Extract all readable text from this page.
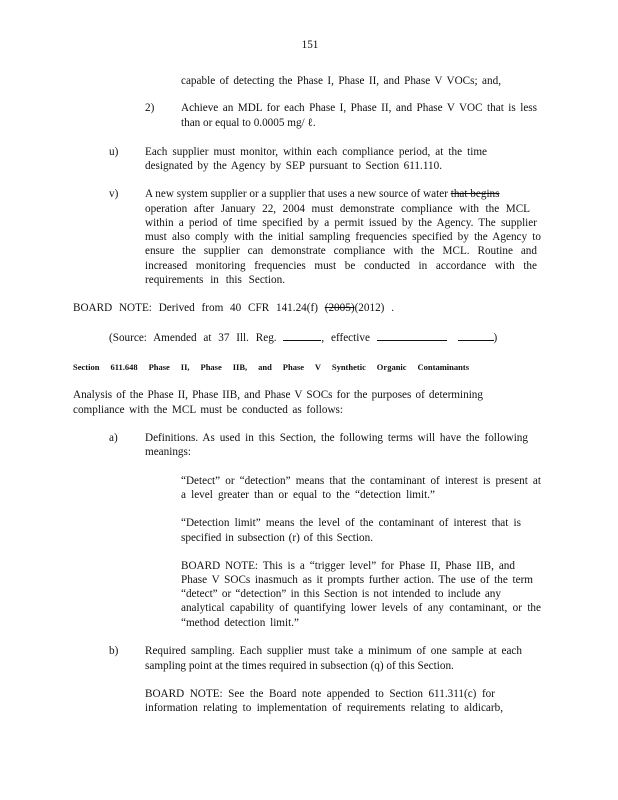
151
capable of detecting the Phase I, Phase II, and Phase V VOCs; and,
2) Achieve an MDL for each Phase I, Phase II, and Phase V VOC that is less
than or equal to 0.0005 mg/ ℓ.
u) Each supplier must monitor, within each compliance period, at the time
designated by the Agency by SEP pursuant to Section 611.110.
v) A new system supplier or a supplier that uses a new source of water that begins
operation after January 22, 2004 must demonstrate compliance with the MCL
within a period of time specified by a permit issued by the Agency. The supplier
must also comply with the initial sampling frequencies specified by the Agency to
ensure the supplier can demonstrate compliance with the MCL. Routine and
increased monitoring frequencies must be conducted in accordance with the
requirements in this Section.
BOARD NOTE: Derived from 40 CFR 141.24(f) (2005)(2012) .
(Source: Amended at 37 Ill. Reg.	, effective	)
Section 611.648 Phase II, Phase IIB, and Phase V Synthetic Organic Contaminants
Analysis of the Phase II, Phase IIB, and Phase V SOCs for the purposes of determining
compliance with the MCL must be conducted as follows:
a) Definitions. As used in this Section, the following terms will have the following
meanings:
“Detect” or “detection” means that the contaminant of interest is present at
a level greater than or equal to the “detection limit.”
“Detection limit” means the level of the contaminant of interest that is
specified in subsection (r) of this Section.
BOARD NOTE: This is a “trigger level” for Phase II, Phase IIB, and
Phase V SOCs inasmuch as it prompts further action. The use of the term
“detect” or “detection” in this Section is not intended to include any
analytical capability of quantifying lower levels of any contaminant, or the
“method detection limit.”
b) Required sampling. Each supplier must take a minimum of one sample at each
sampling point at the times required in subsection (q) of this Section.
BOARD NOTE: See the Board note appended to Section 611.311(c) for
information relating to implementation of requirements relating to aldicarb,
